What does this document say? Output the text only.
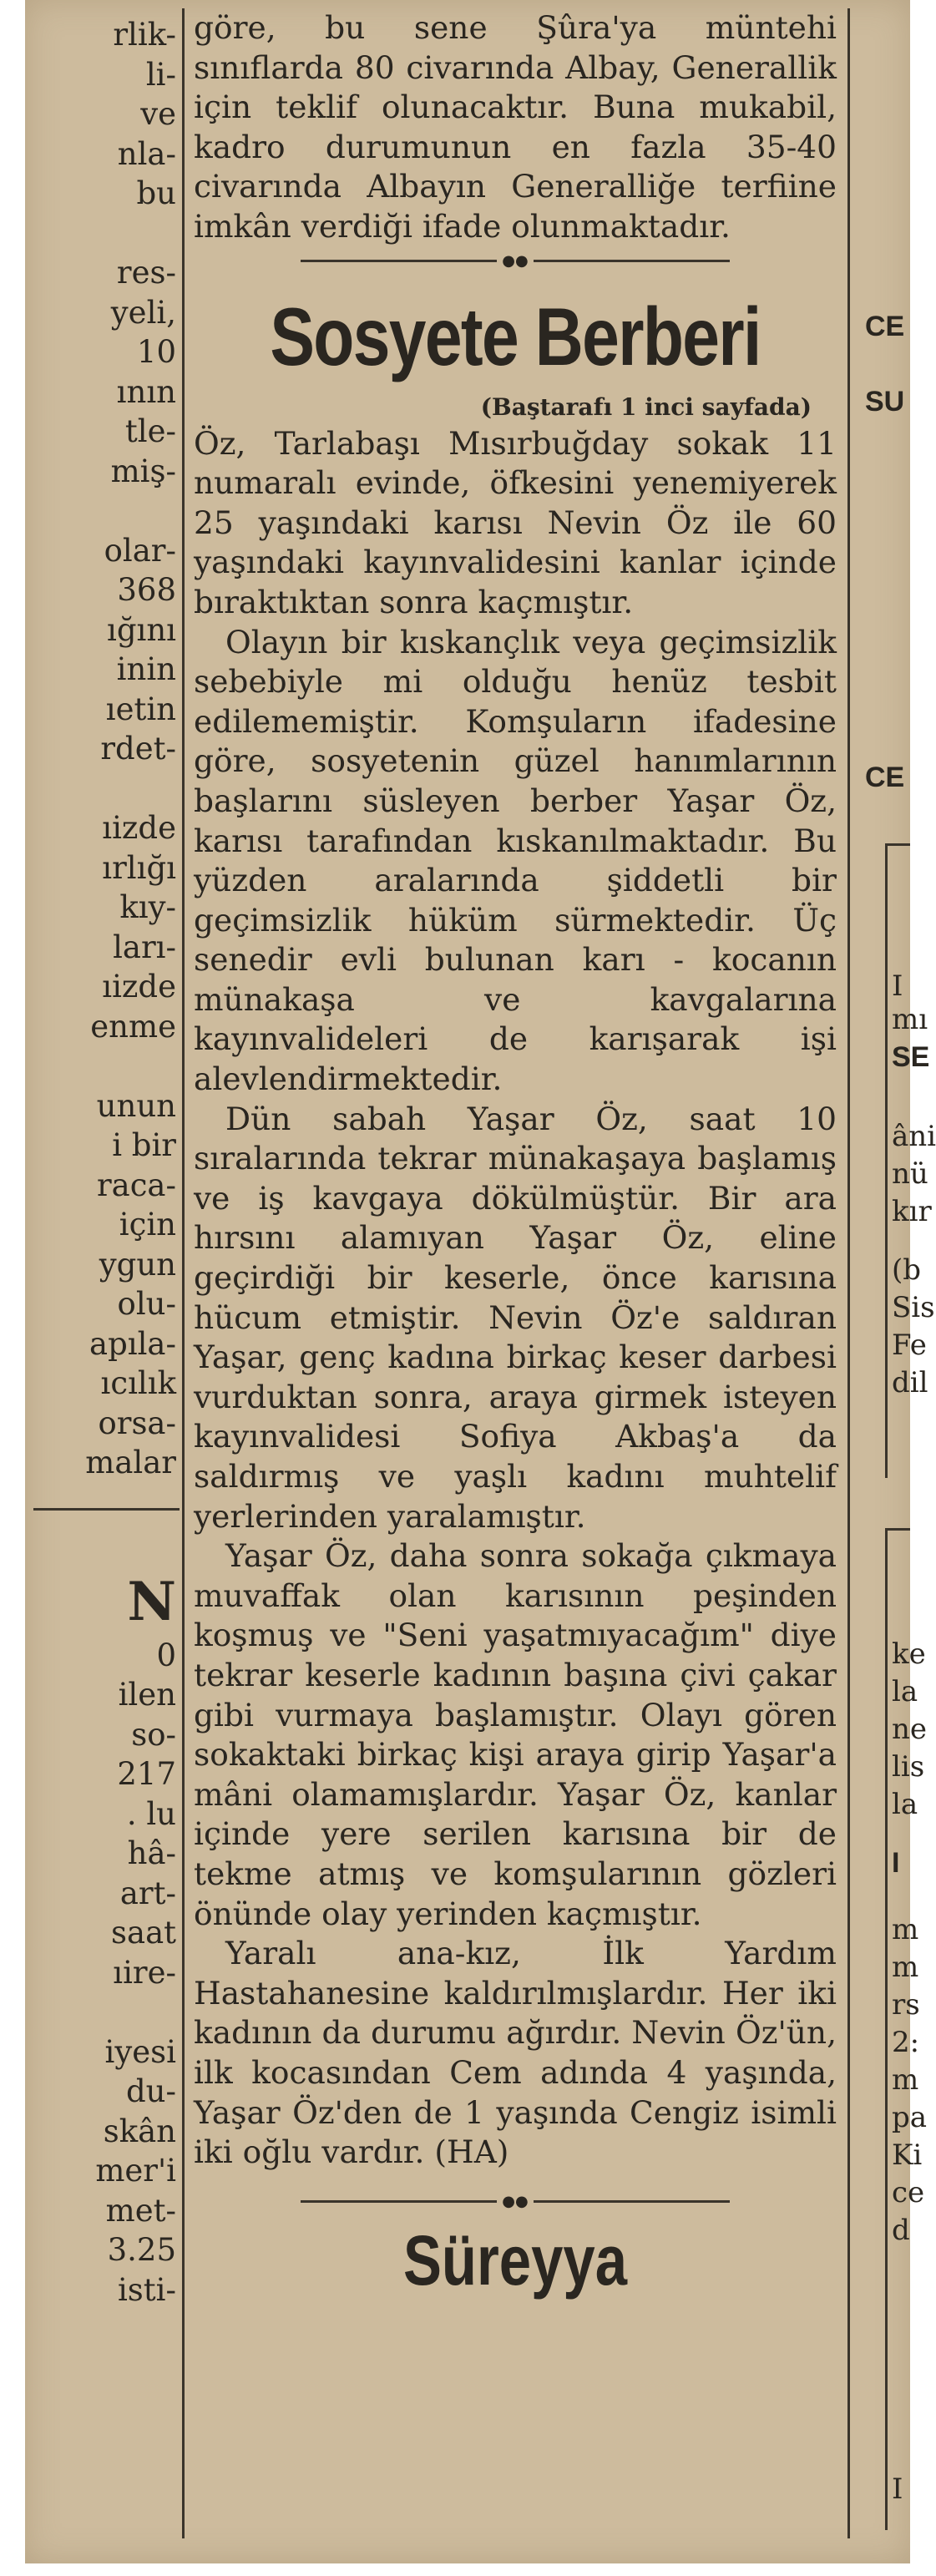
rlik-
li-
ve
nla-
bu

res-
yeli,
10
ının
tle-
miş-

olar-
368
ığını
inin
ıetin
rdet-

ıizde
ırlığı
kıy-
ları-
ıizde
enme

unun
i bir
raca-
için
ygun
olu-
apıla-
ıcılık
orsa-
malar
N
0
ilen
so-
217
. lu
hâ-
art-
saat
ıire-

iyesi
du-
skân
mer'i
met-
3.25
isti-

göre, bu sene Şûra'ya müntehi sınıflarda 80 civarında Albay, Generallik için teklif olunacaktır. Buna mukabil, kadro durumunun en fazla 35-40 civarında Albayın Generalliğe terfiine imkân verdiği ifade olunmaktadır.

●●
Sosyete Berberi
(Baştarafı 1 inci sayfada)

Öz, Tarlabaşı Mısırbuğday sokak 11 numaralı evinde, öfkesini yenemiyerek 25 yaşındaki karısı Nevin Öz ile 60 yaşındaki kayınvalidesini kanlar içinde bıraktıktan sonra kaçmıştır.

Olayın bir kıskançlık veya geçimsizlik sebebiyle mi olduğu henüz tesbit edilememiştir. Komşuların ifadesine göre, sosyetenin güzel hanımlarının başlarını süsleyen berber Yaşar Öz, karısı tarafından kıskanılmaktadır. Bu yüzden aralarında şiddetli bir geçimsizlik hüküm sürmektedir. Üç senedir evli bulunan karı - kocanın münakaşa ve kavgalarına kayınvalideleri de karışarak işi alevlendirmektedir.

Dün sabah Yaşar Öz, saat 10 sıralarında tekrar münakaşaya başlamış ve iş kavgaya dökülmüştür. Bir ara hırsını alamıyan Yaşar Öz, eline geçirdiği bir keserle, önce karısına hücum etmiştir. Nevin Öz'e saldıran Yaşar, genç kadına birkaç keser darbesi vurduktan sonra, araya girmek isteyen kayınvalidesi Sofiya Akbaş'a da saldırmış ve yaşlı kadını muhtelif yerlerinden yaralamıştır.

Yaşar Öz, daha sonra sokağa çıkmaya muvaffak olan karısının peşinden koşmuş ve "Seni yaşatmıyacağım" diye tekrar keserle kadının başına çivi çakar gibi vurmaya başlamıştır. Olayı gören sokaktaki birkaç kişi araya girip Yaşar'a mâni olamamışlardır. Yaşar Öz, kanlar içinde yere serilen karısına bir de tekme atmış ve komşularının gözleri önünde olay yerinden kaçmıştır.

Yaralı ana-kız, İlk Yardım Hastahanesine kaldırılmışlardır. Her iki kadının da durumu ağırdır. Nevin Öz'ün, ilk kocasından Cem adında 4 yaşında, Yaşar Öz'den de 1 yaşında Cengiz isimli iki oğlu vardır. (HA)

●●
Süreyya
CE
SU
CE
I
mı
SE
âni
nü
kır
(b
Sis
Fe
dil
ke
la
ne
lis
la
I
m
m
rs
2:
m
pa
Ki
ce
d
I
